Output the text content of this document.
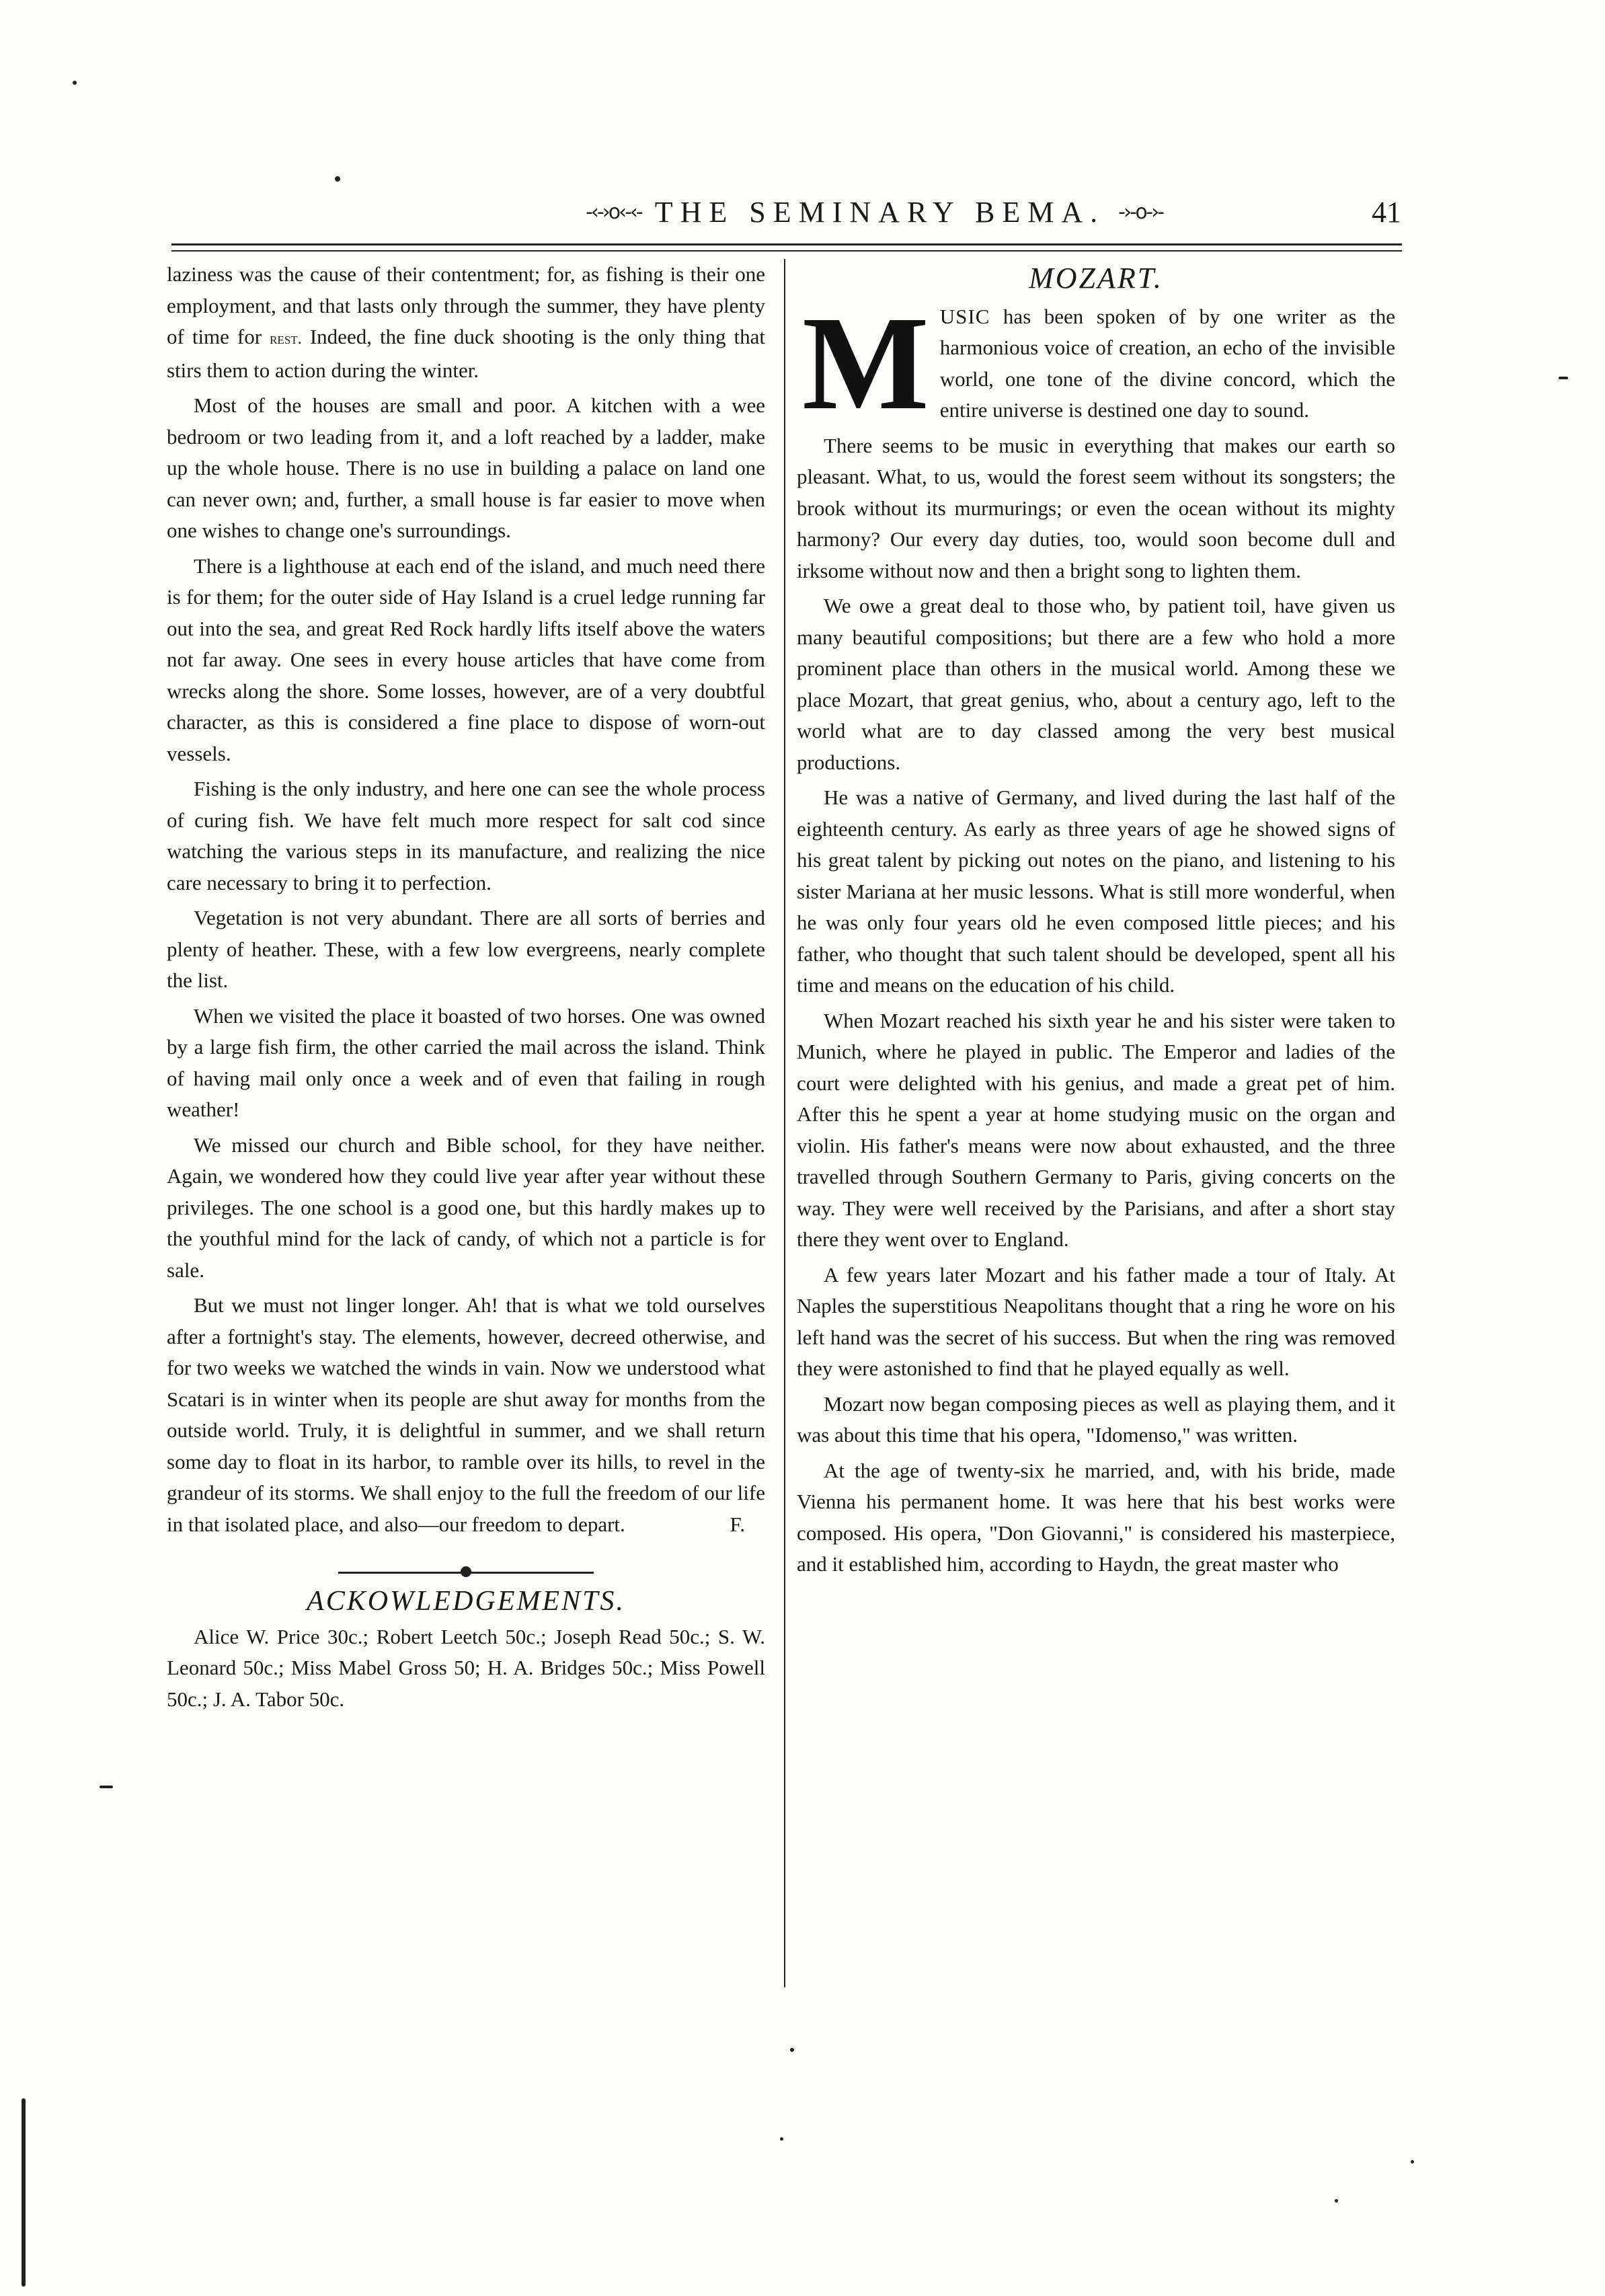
-‹-›o‹-‹- THE SEMINARY BEMA. -›-o-›-	41

laziness was the cause of their contentment; for, as fishing is their one employment, and that lasts only through the summer, they have plenty of time for rest. Indeed, the fine duck shooting is the only thing that stirs them to action during the winter.

Most of the houses are small and poor. A kitchen with a wee bedroom or two leading from it, and a loft reached by a ladder, make up the whole house. There is no use in building a palace on land one can never own; and, further, a small house is far easier to move when one wishes to change one's surroundings.

There is a lighthouse at each end of the island, and much need there is for them; for the outer side of Hay Island is a cruel ledge running far out into the sea, and great Red Rock hardly lifts itself above the waters not far away. One sees in every house articles that have come from wrecks along the shore. Some losses, however, are of a very doubtful character, as this is considered a fine place to dispose of worn-out vessels.

Fishing is the only industry, and here one can see the whole process of curing fish. We have felt much more respect for salt cod since watching the various steps in its manufacture, and realizing the nice care necessary to bring it to perfection.

Vegetation is not very abundant. There are all sorts of berries and plenty of heather. These, with a few low evergreens, nearly complete the list.

When we visited the place it boasted of two horses. One was owned by a large fish firm, the other carried the mail across the island. Think of having mail only once a week and of even that failing in rough weather!

We missed our church and Bible school, for they have neither. Again, we wondered how they could live year after year without these privileges. The one school is a good one, but this hardly makes up to the youthful mind for the lack of candy, of which not a particle is for sale.

But we must not linger longer. Ah! that is what we told ourselves after a fortnight's stay. The elements, however, decreed otherwise, and for two weeks we watched the winds in vain. Now we understood what Scatari is in winter when its people are shut away for months from the outside world. Truly, it is delightful in summer, and we shall return some day to float in its harbor, to ramble over its hills, to revel in the grandeur of its storms. We shall enjoy to the full the freedom of our life in that isolated place, and also—our freedom to depart.	F.

ACKOWLEDGEMENTS.

Alice W. Price 30c.; Robert Leetch 50c.; Joseph Read 50c.; S. W. Leonard 50c.; Miss Mabel Gross 50; H. A. Bridges 50c.; Miss Powell 50c.; J. A. Tabor 50c.

MOZART.

MUSIC has been spoken of by one writer as the harmonious voice of creation, an echo of the invisible world, one tone of the divine concord, which the entire universe is destined one day to sound.

There seems to be music in everything that makes our earth so pleasant. What, to us, would the forest seem without its songsters; the brook without its murmurings; or even the ocean without its mighty harmony? Our every day duties, too, would soon become dull and irksome without now and then a bright song to lighten them.

We owe a great deal to those who, by patient toil, have given us many beautiful compositions; but there are a few who hold a more prominent place than others in the musical world. Among these we place Mozart, that great genius, who, about a century ago, left to the world what are to day classed among the very best musical productions.

He was a native of Germany, and lived during the last half of the eighteenth century. As early as three years of age he showed signs of his great talent by picking out notes on the piano, and listening to his sister Mariana at her music lessons. What is still more wonderful, when he was only four years old he even composed little pieces; and his father, who thought that such talent should be developed, spent all his time and means on the education of his child.

When Mozart reached his sixth year he and his sister were taken to Munich, where he played in public. The Emperor and ladies of the court were delighted with his genius, and made a great pet of him. After this he spent a year at home studying music on the organ and violin. His father's means were now about exhausted, and the three travelled through Southern Germany to Paris, giving concerts on the way. They were well received by the Parisians, and after a short stay there they went over to England.

A few years later Mozart and his father made a tour of Italy. At Naples the superstitious Neapolitans thought that a ring he wore on his left hand was the secret of his success. But when the ring was removed they were astonished to find that he played equally as well.

Mozart now began composing pieces as well as playing them, and it was about this time that his opera, "Idomenso," was written.

At the age of twenty-six he married, and, with his bride, made Vienna his permanent home. It was here that his best works were composed. His opera, "Don Giovanni," is considered his masterpiece, and it established him, according to Haydn, the great master who
